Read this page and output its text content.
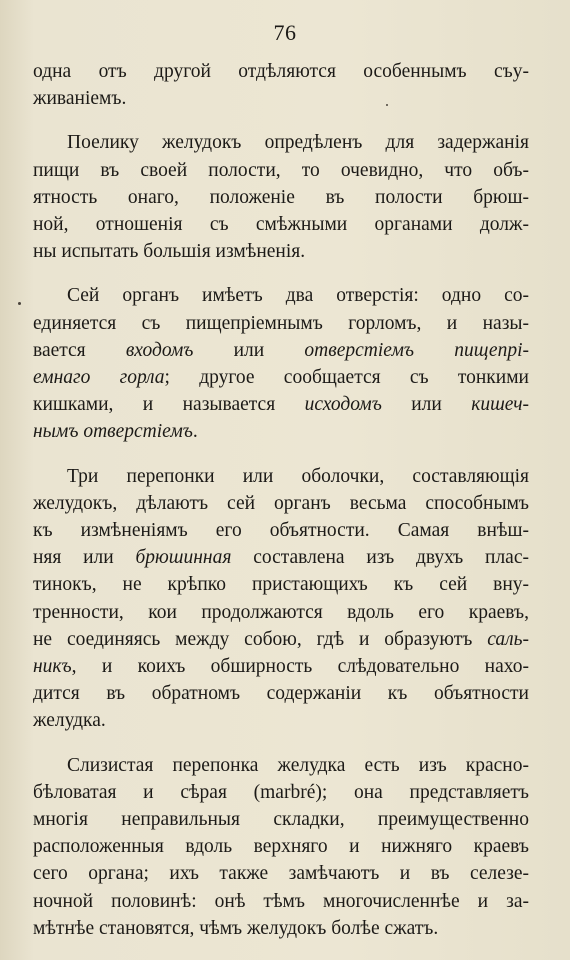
76
одна отъ другой отдѣляются особеннымъ съу-
живаніемъ.
Поелику желудокъ опредѣленъ для задержанія
пищи въ своей полости, то очевидно, что объ-
ятность онаго, положеніе въ полости брюш-
ной, отношенія съ смѣжными органами долж-
ны испытать большія измѣненія.
Сей органъ имѣетъ два отверстія: одно со-
единяется съ пищепріемнымъ горломъ, и назы-
вается входомъ или отверстіемъ пищепрі-
емнаго горла; другое сообщается съ тонкими
кишками, и называется исходомъ или кишеч-
нымъ отверстіемъ.
Три перепонки или оболочки, составляющія
желудокъ, дѣлаютъ сей органъ весьма способнымъ
къ измѣненіямъ его объятности. Самая внѣш-
няя или брюшинная составлена изъ двухъ плас-
тинокъ, не крѣпко пристающихъ къ сей вну-
тренности, кои продолжаются вдоль его краевъ,
не соединяясь между собою, гдѣ и образуютъ саль-
никъ, и коихъ обширность слѣдовательно нахо-
дится въ обратномъ содержаніи къ объятности
желудка.
Слизистая перепонка желудка есть изъ красно-
бѣловатая и сѣрая (marbré); она представляетъ
многія неправильныя складки, преимущественно
расположенныя вдоль верхняго и нижняго краевъ
сего органа; ихъ также замѣчаютъ и въ селезе-
ночной половинѣ: онѣ тѣмъ многочисленнѣе и за-
мѣтнѣе становятся, чѣмъ желудокъ болѣе сжатъ.
